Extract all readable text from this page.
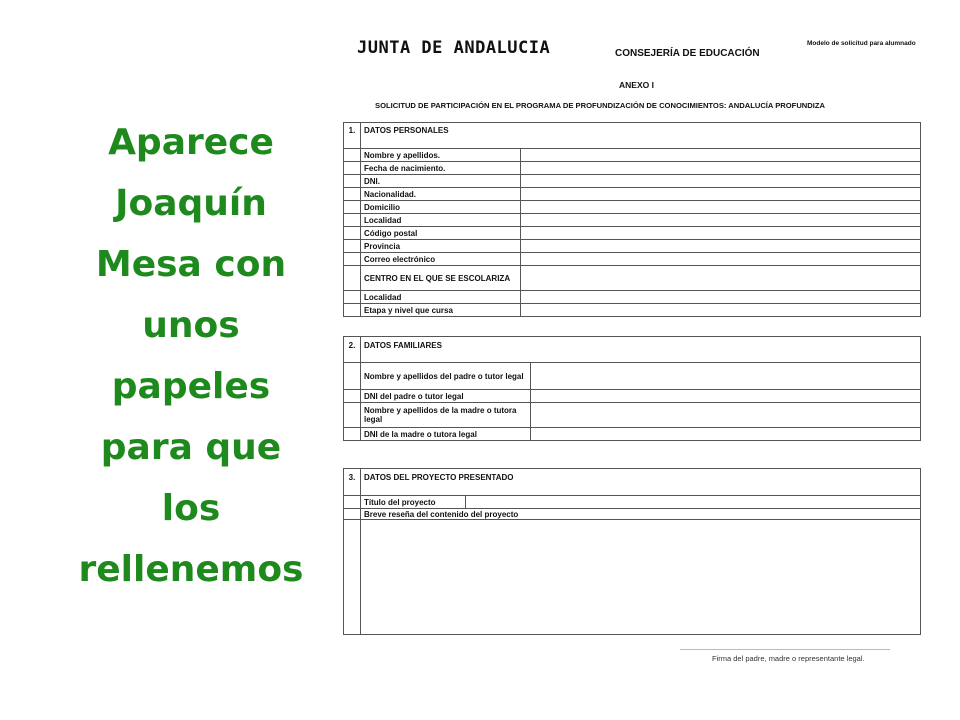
Aparece
Joaquín
Mesa con
unos
papeles
para que
los
rellenemos
JUNTA DE ANDALUCIA	CONSEJERÍA DE EDUCACIÓN
Modelo de solicitud para alumnado
ANEXO I
SOLICITUD DE PARTICIPACIÓN EN EL PROGRAMA DE PROFUNDIZACIÓN DE CONOCIMIENTOS: ANDALUCÍA PROFUNDIZA
1.	DATOS PERSONALES	
	Nombre y apellidos.	
	Fecha de nacimiento.	
	DNI.	
	Nacionalidad.	
	Domicilio	
	Localidad	
	Código postal	
	Provincia	
	Correo electrónico	
	CENTRO EN EL QUE SE ESCOLARIZA	
	Localidad	
	Etapa y nivel que cursa	
2.	DATOS FAMILIARES	
	Nombre y apellidos del padre o tutor legal	
	DNI del padre o tutor legal	
	Nombre y apellidos de la madre o tutora legal	
	DNI de la madre o tutora legal	
3.	DATOS DEL PROYECTO PRESENTADO	
	Título del proyecto	
	Breve reseña del contenido del proyecto	

Firma del padre, madre o representante legal.
